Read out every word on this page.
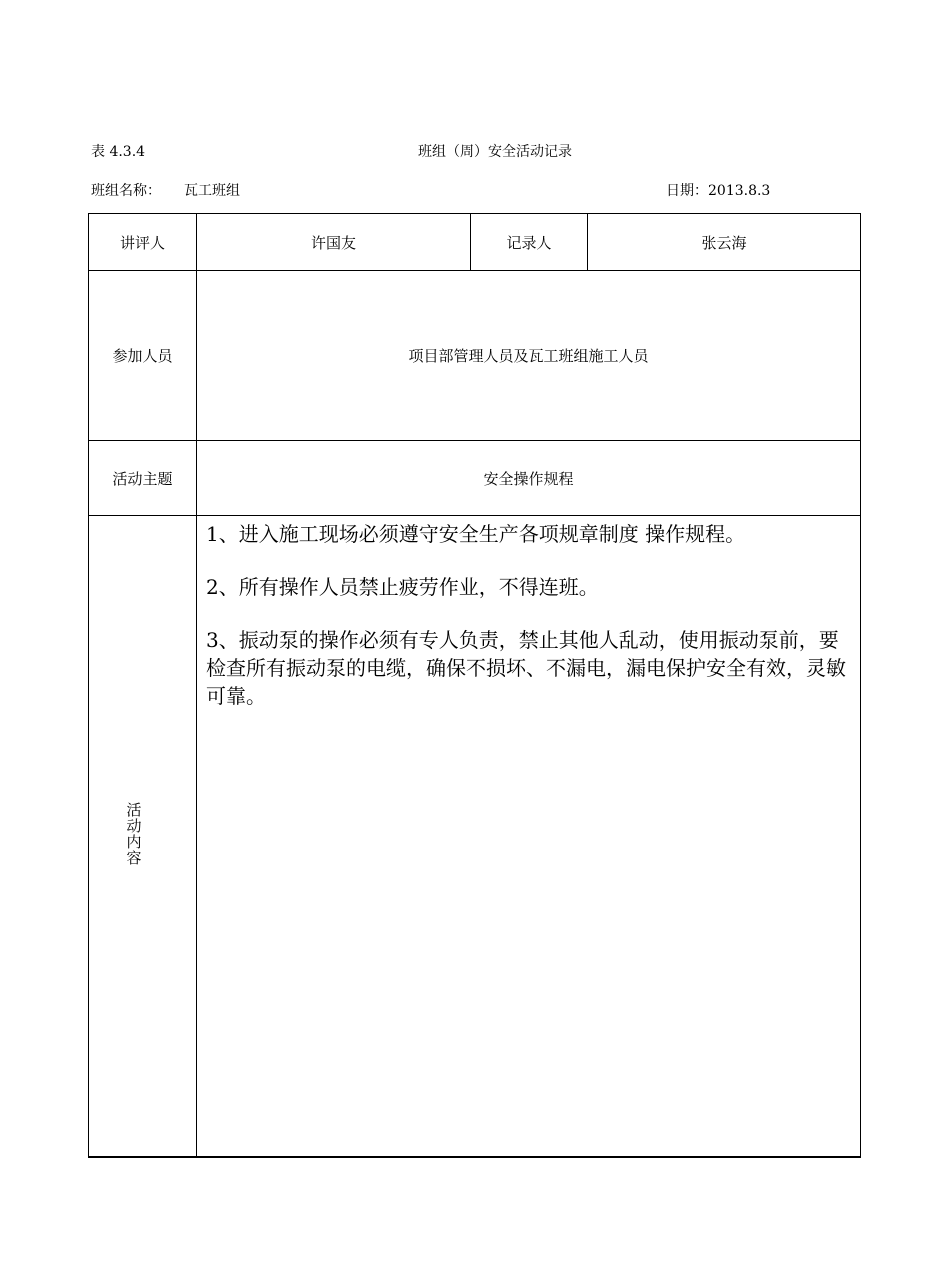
表 4.3.4	班组（周）安全活动记录
班组名称： 瓦工班组	日期：2013.8.3
讲评人	许国友	记录人	张云海
参加人员	项目部管理人员及瓦工班组施工人员
活动主题	安全操作规程
活动内容

1、进入施工现场必须遵守安全生产各项规章制度 操作规程。

2、所有操作人员禁止疲劳作业，不得连班。

3、振动泵的操作必须有专人负责，禁止其他人乱动，使用振动泵前，要检查所有振动泵的电缆，确保不损坏、不漏电，漏电保护安全有效，灵敏可靠。
